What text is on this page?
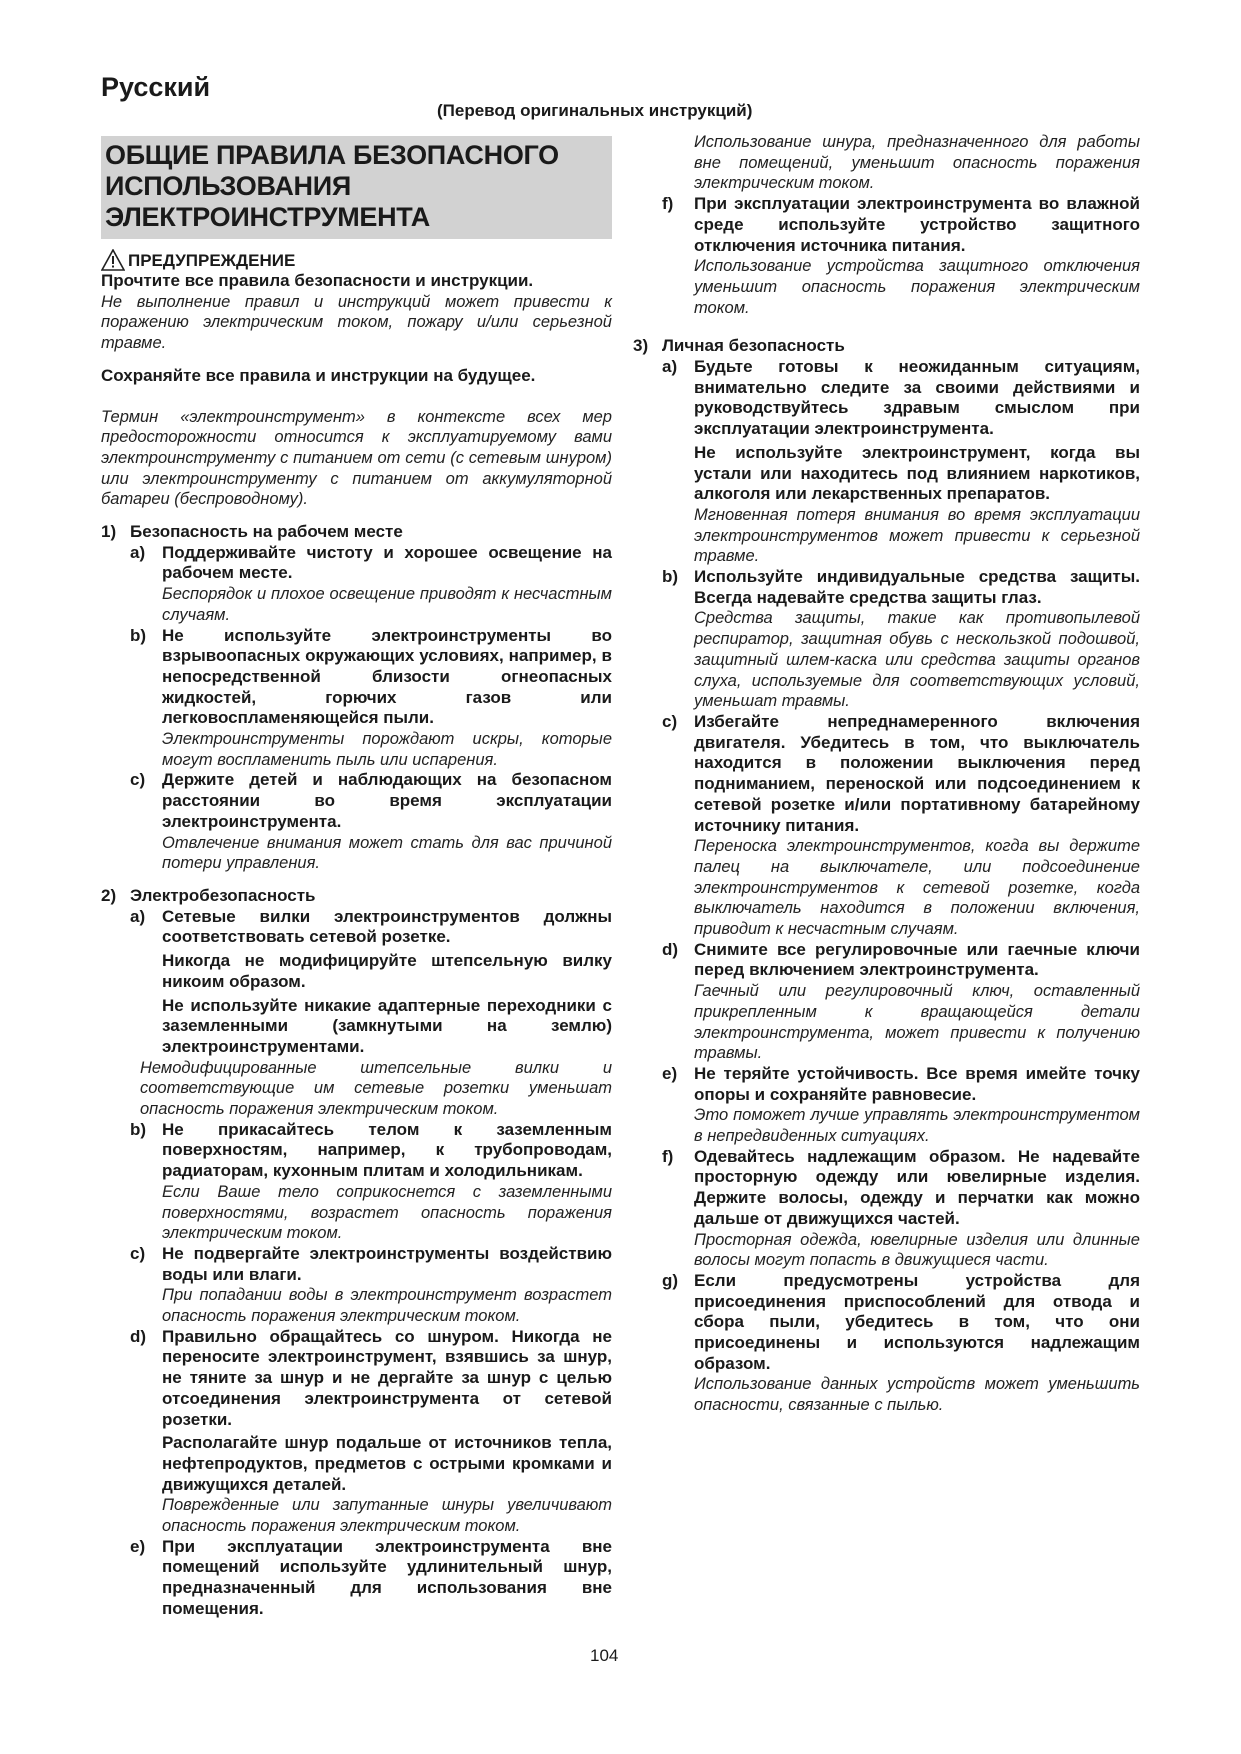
Русский
(Перевод оригинальных инструкций)
ОБЩИЕ ПРАВИЛА БЕЗОПАСНОГО
ИСПОЛЬЗОВАНИЯ
ЭЛЕКТРОИНСТРУМЕНТА
ПРЕДУПРЕЖДЕНИЕ
Прочтите все правила безопасности и инструкции.
Не выполнение правил и инструкций может привести к поражению электрическим током, пожару и/или серьезной травме.
Сохраняйте все правила и инструкции на будущее.
Термин «электроинструмент» в контексте всех мер предосторожности относится к эксплуатируемому вами электроинструменту с питанием от сети (с сетевым шнуром) или электроинструменту с питанием от аккумуляторной батареи (беспроводному).
1) Безопасность на рабочем месте
a) Поддерживайте чистоту и хорошее освещение на рабочем месте.
Беспорядок и плохое освещение приводят к несчастным случаям.
b) Не используйте электроинструменты во взрывоопасных окружающих условиях, например, в непосредственной близости огнеопасных жидкостей, горючих газов или легковоспламеняющейся пыли.
Электроинструменты порождают искры, которые могут воспламенить пыль или испарения.
c) Держите детей и наблюдающих на безопасном расстоянии во время эксплуатации электроинструмента.
Отвлечение внимания может стать для вас причиной потери управления.
2) Электробезопасность
a) Сетевые вилки электроинструментов должны соответствовать сетевой розетке.
Никогда не модифицируйте штепсельную вилку никоим образом.
Не используйте никакие адаптерные переходники с заземленными (замкнутыми на землю) электроинструментами.
Немодифицированные штепсельные вилки и соответствующие им сетевые розетки уменьшат опасность поражения электрическим током.
b) Не прикасайтесь телом к заземленным поверхностям, например, к трубопроводам, радиаторам, кухонным плитам и холодильникам.
Если Ваше тело соприкоснется с заземленными поверхностями, возрастет опасность поражения электрическим током.
c) Не подвергайте электроинструменты воздействию воды или влаги.
При попадании воды в электроинструмент возрастет опасность поражения электрическим током.
d) Правильно обращайтесь со шнуром. Никогда не переносите электроинструмент, взявшись за шнур, не тяните за шнур и не дергайте за шнур с целью отсоединения электроинструмента от сетевой розетки.
Располагайте шнур подальше от источников тепла, нефтепродуктов, предметов с острыми кромками и движущихся деталей.
Поврежденные или запутанные шнуры увеличивают опасность поражения электрическим током.
e) При эксплуатации электроинструмента вне помещений используйте удлинительный шнур, предназначенный для использования вне помещения.
Использование шнура, предназначенного для работы вне помещений, уменьшит опасность поражения электрическим током.
f)	При эксплуатации электроинструмента во влажной среде используйте устройство защитного отключения источника питания.
Использование устройства защитного отключения уменьшит опасность поражения электрическим током.
3) Личная безопасность
a) Будьте готовы к неожиданным ситуациям, внимательно следите за своими действиями и руководствуйтесь здравым смыслом при эксплуатации электроинструмента.
Не используйте электроинструмент, когда вы устали или находитесь под влиянием наркотиков, алкоголя или лекарственных препаратов.
Мгновенная потеря внимания во время эксплуатации электроинструментов может привести к серьезной травме.
b) Используйте индивидуальные средства защиты. Всегда надевайте средства защиты глаз.
Средства защиты, такие как противопылевой респиратор, защитная обувь с нескользкой подошвой, защитный шлем-каска или средства защиты органов слуха, используемые для соответствующих условий, уменьшат травмы.
c) Избегайте непреднамеренного включения двигателя. Убедитесь в том, что выключатель находится в положении выключения перед подниманием, переноской или подсоединением к сетевой розетке и/или портативному батарейному источнику питания.
Переноска электроинструментов, когда вы держите палец на выключателе, или подсоединение электроинструментов к сетевой розетке, когда выключатель находится в положении включения, приводит к несчастным случаям.
d) Снимите все регулировочные или гаечные ключи перед включением электроинструмента.
Гаечный или регулировочный ключ, оставленный прикрепленным к вращающейся детали электроинструмента, может привести к получению травмы.
e) Не теряйте устойчивость. Все время имейте точку опоры и сохраняйте равновесие.
Это поможет лучше управлять электроинструментом в непредвиденных ситуациях.
f)	Одевайтесь надлежащим образом. Не надевайте просторную одежду или ювелирные изделия. Держите волосы, одежду и перчатки как можно дальше от движущихся частей.
Просторная одежда, ювелирные изделия или длинные волосы могут попасть в движущиеся части.
g) Если предусмотрены устройства для присоединения приспособлений для отвода и сбора пыли, убедитесь в том, что они присоединены и используются надлежащим образом.
Использование данных устройств может уменьшить опасности, связанные с пылью.
104
